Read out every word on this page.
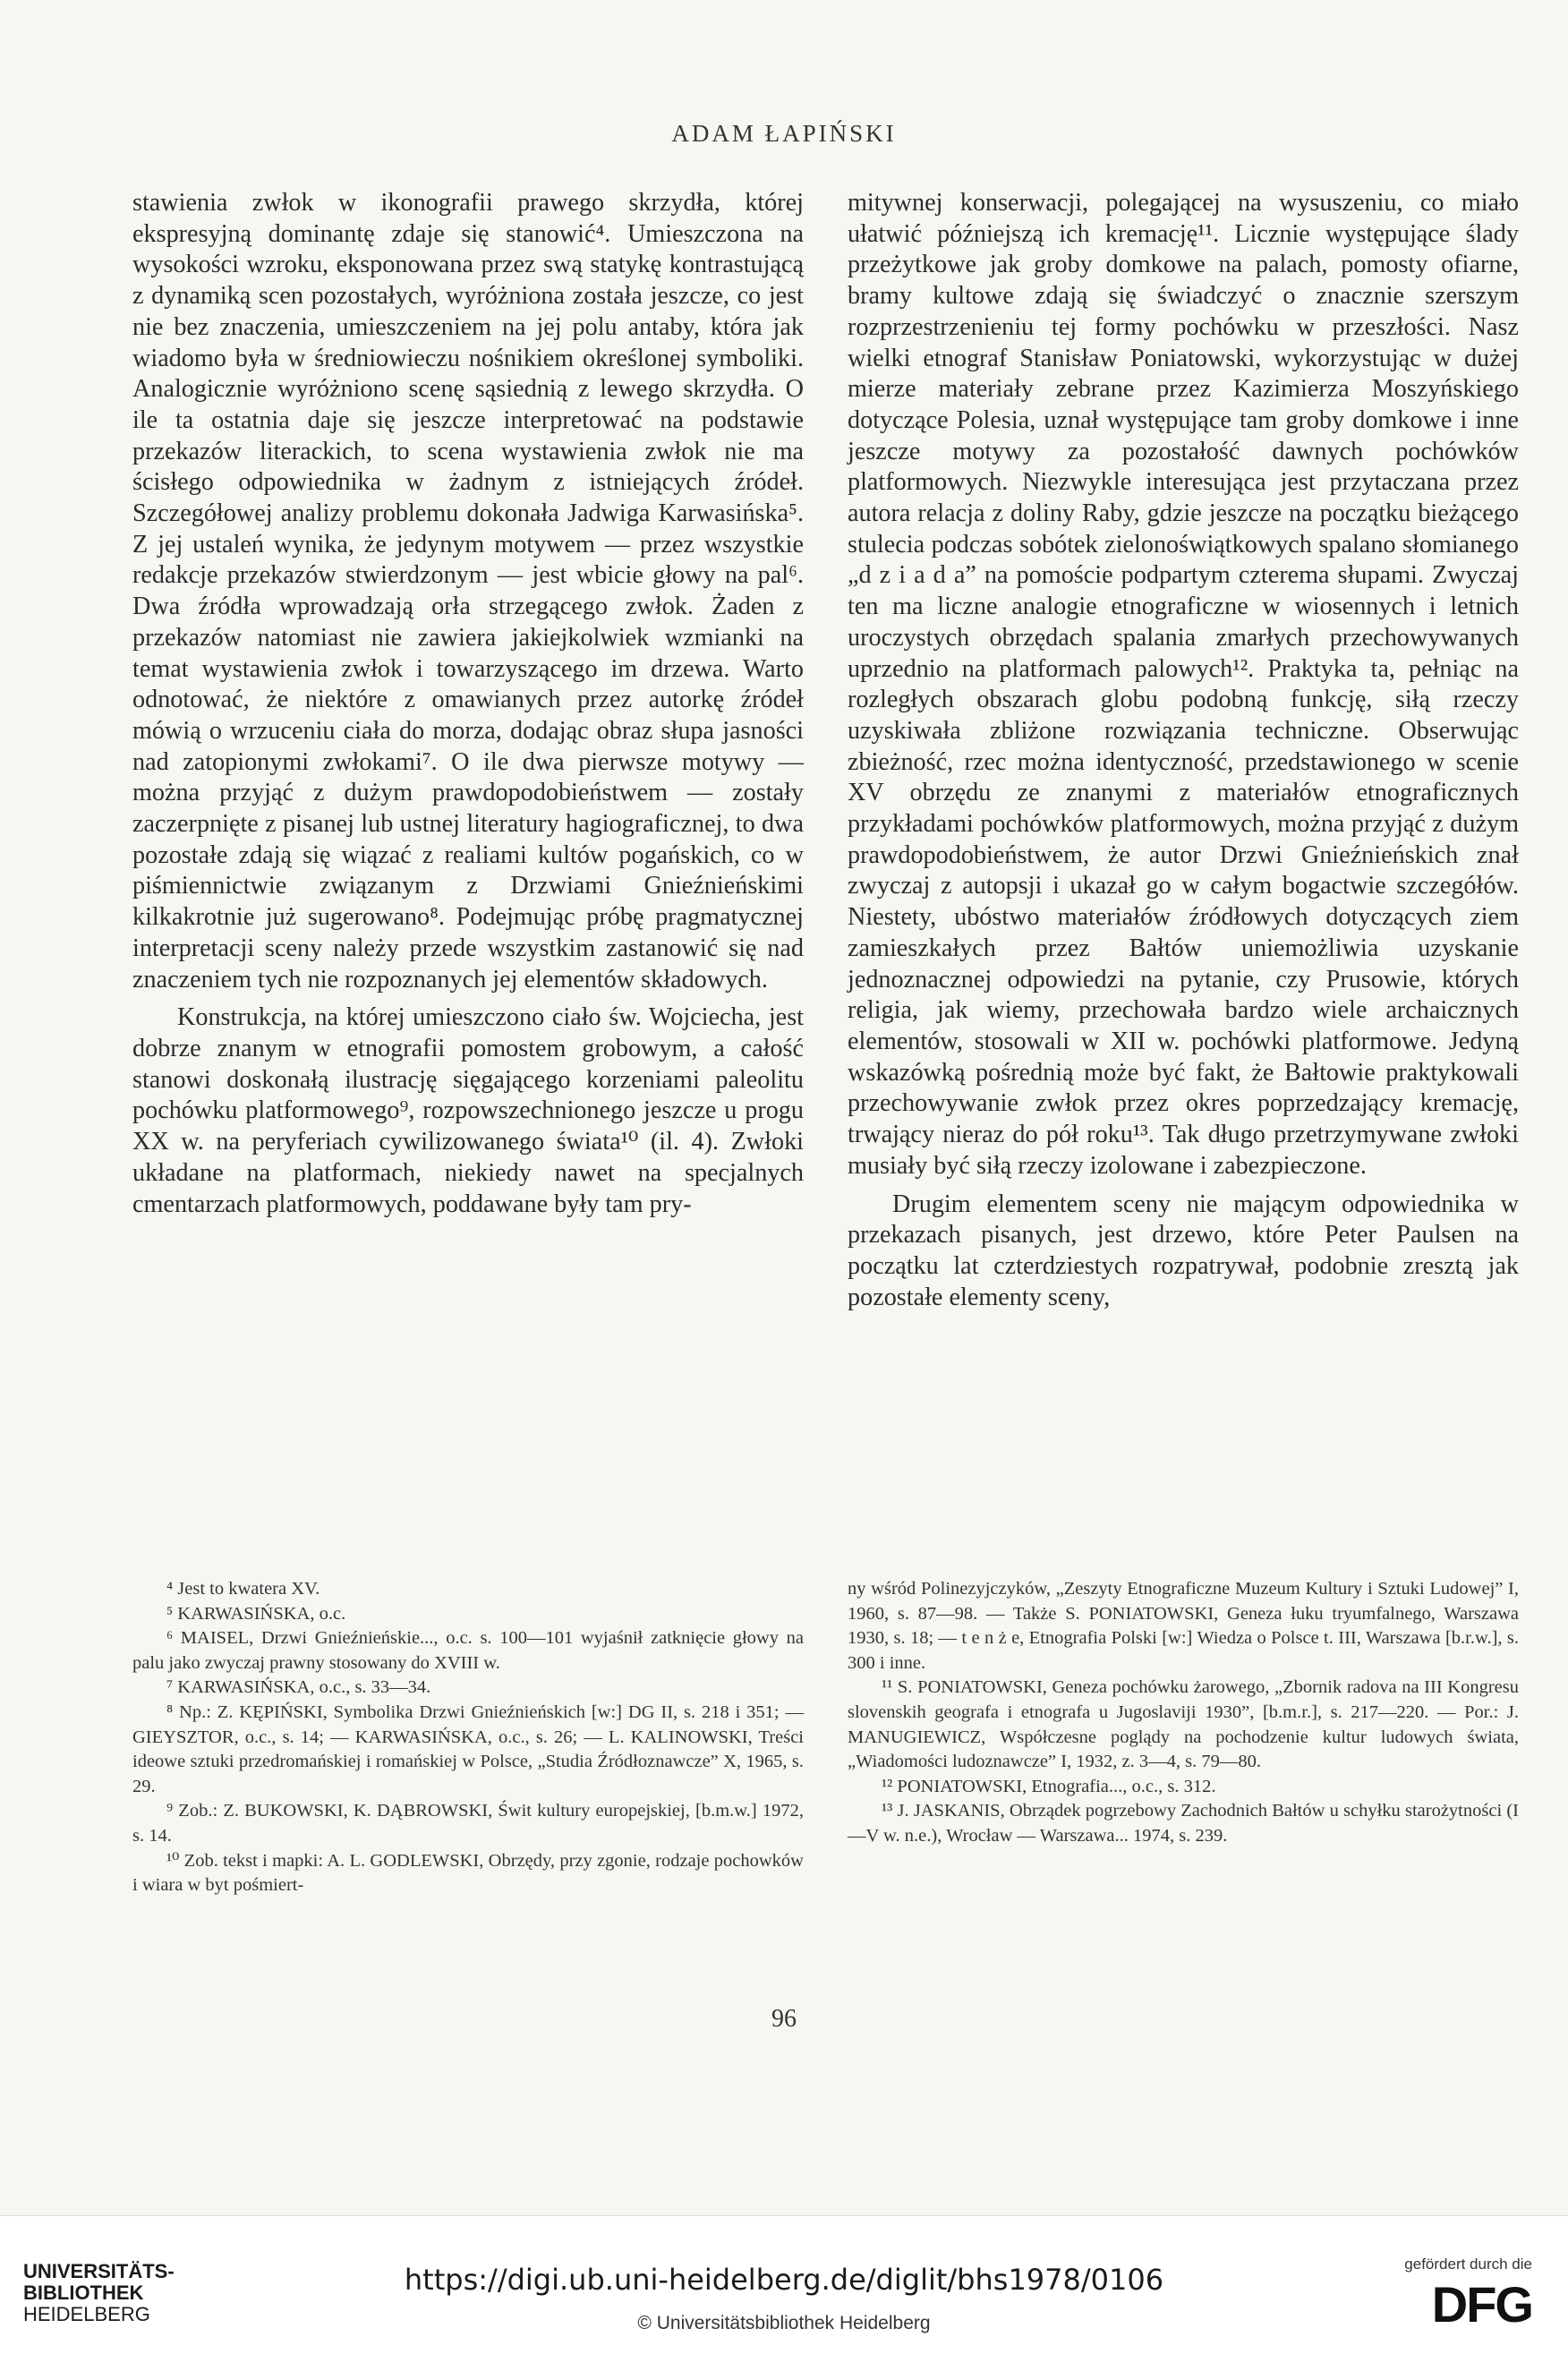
ADAM ŁAPIŃSKI

stawienia zwłok w ikonografii prawego skrzydła, której ekspresyjną dominantę zdaje się stanowić⁴. Umieszczona na wysokości wzroku, eksponowana przez swą statykę kontrastującą z dynamiką scen pozostałych, wyróżniona została jeszcze, co jest nie bez znaczenia, umieszczeniem na jej polu antaby, która jak wiadomo była w średniowieczu nośnikiem określonej symboliki. Analogicznie wyróżniono scenę sąsiednią z lewego skrzydła. O ile ta ostatnia daje się jeszcze interpretować na podstawie przekazów literackich, to scena wystawienia zwłok nie ma ścisłego odpowiednika w żadnym z istniejących źródeł. Szczegółowej analizy problemu dokonała Jadwiga Karwasińska⁵. Z jej ustaleń wynika, że jedynym motywem — przez wszystkie redakcje przekazów stwierdzonym — jest wbicie głowy na pal⁶. Dwa źródła wprowadzają orła strzegącego zwłok. Żaden z przekazów natomiast nie zawiera jakiejkolwiek wzmianki na temat wystawienia zwłok i towarzyszącego im drzewa. Warto odnotować, że niektóre z omawianych przez autorkę źródeł mówią o wrzuceniu ciała do morza, dodając obraz słupa jasności nad zatopionymi zwłokami⁷. O ile dwa pierwsze motywy — można przyjąć z dużym prawdopodobieństwem — zostały zaczerpnięte z pisanej lub ustnej literatury hagiograficznej, to dwa pozostałe zdają się wiązać z realiami kultów pogańskich, co w piśmiennictwie związanym z Drzwiami Gnieźnieńskimi kilkakrotnie już sugerowano⁸. Podejmując próbę pragmatycznej interpretacji sceny należy przede wszystkim zastanowić się nad znaczeniem tych nie rozpoznanych jej elementów składowych.

Konstrukcja, na której umieszczono ciało św. Wojciecha, jest dobrze znanym w etnografii pomostem grobowym, a całość stanowi doskonałą ilustrację sięgającego korzeniami paleolitu pochówku platformowego⁹, rozpowszechnionego jeszcze u progu XX w. na peryferiach cywilizowanego świata¹⁰ (il. 4). Zwłoki układane na platformach, niekiedy nawet na specjalnych cmentarzach platformowych, poddawane były tam pry-

mitywnej konserwacji, polegającej na wysuszeniu, co miało ułatwić późniejszą ich kremację¹¹. Licznie występujące ślady przeżytkowe jak groby domkowe na palach, pomosty ofiarne, bramy kultowe zdają się świadczyć o znacznie szerszym rozprzestrzenieniu tej formy pochówku w przeszłości. Nasz wielki etnograf Stanisław Poniatowski, wykorzystując w dużej mierze materiały zebrane przez Kazimierza Moszyńskiego dotyczące Polesia, uznał występujące tam groby domkowe i inne jeszcze motywy za pozostałość dawnych pochówków platformowych. Niezwykle interesująca jest przytaczana przez autora relacja z doliny Raby, gdzie jeszcze na początku bieżącego stulecia podczas sobótek zielonoświątkowych spalano słomianego „d z i a d a” na pomoście podpartym czterema słupami. Zwyczaj ten ma liczne analogie etnograficzne w wiosennych i letnich uroczystych obrzędach spalania zmarłych przechowywanych uprzednio na platformach palowych¹². Praktyka ta, pełniąc na rozległych obszarach globu podobną funkcję, siłą rzeczy uzyskiwała zbliżone rozwiązania techniczne. Obserwując zbieżność, rzec można identyczność, przedstawionego w scenie XV obrzędu ze znanymi z materiałów etnograficznych przykładami pochówków platformowych, można przyjąć z dużym prawdopodobieństwem, że autor Drzwi Gnieźnieńskich znał zwyczaj z autopsji i ukazał go w całym bogactwie szczegółów. Niestety, ubóstwo materiałów źródłowych dotyczących ziem zamieszkałych przez Bałtów uniemożliwia uzyskanie jednoznacznej odpowiedzi na pytanie, czy Prusowie, których religia, jak wiemy, przechowała bardzo wiele archaicznych elementów, stosowali w XII w. pochówki platformowe. Jedyną wskazówką pośrednią może być fakt, że Bałtowie praktykowali przechowywanie zwłok przez okres poprzedzający kremację, trwający nieraz do pół roku¹³. Tak długo przetrzymywane zwłoki musiały być siłą rzeczy izolowane i zabezpieczone.

Drugim elementem sceny nie mającym odpowiednika w przekazach pisanych, jest drzewo, które Peter Paulsen na początku lat czterdziestych rozpatrywał, podobnie zresztą jak pozostałe elementy sceny,

⁴ Jest to kwatera XV.

⁵ KARWASIŃSKA, o.c.

⁶ MAISEL, Drzwi Gnieźnieńskie..., o.c. s. 100—101 wyjaśnił zatknięcie głowy na palu jako zwyczaj prawny stosowany do XVIII w.

⁷ KARWASIŃSKA, o.c., s. 33—34.

⁸ Np.: Z. KĘPIŃSKI, Symbolika Drzwi Gnieźnieńskich [w:] DG II, s. 218 i 351; — GIEYSZTOR, o.c., s. 14; — KARWASIŃSKA, o.c., s. 26; — L. KALINOWSKI, Treści ideowe sztuki przedromańskiej i romańskiej w Polsce, „Studia Źródłoznawcze” X, 1965, s. 29.

⁹ Zob.: Z. BUKOWSKI, K. DĄBROWSKI, Świt kultury europejskiej, [b.m.w.] 1972, s. 14.

¹⁰ Zob. tekst i mapki: A. L. GODLEWSKI, Obrzędy, przy zgonie, rodzaje pochowków i wiara w byt pośmiert-

ny wśród Polinezyjczyków, „Zeszyty Etnograficzne Muzeum Kultury i Sztuki Ludowej” I, 1960, s. 87—98. — Także S. PONIATOWSKI, Geneza łuku tryumfalnego, Warszawa 1930, s. 18; — t e n ż e, Etnografia Polski [w:] Wiedza o Polsce t. III, Warszawa [b.r.w.], s. 300 i inne.

¹¹ S. PONIATOWSKI, Geneza pochówku żarowego, „Zbornik radova na III Kongresu slovenskih geografa i etnografa u Jugoslaviji 1930”, [b.m.r.], s. 217—220. — Por.: J. MANUGIEWICZ, Współczesne poglądy na pochodzenie kultur ludowych świata, „Wiadomości ludoznawcze” I, 1932, z. 3—4, s. 79—80.

¹² PONIATOWSKI, Etnografia..., o.c., s. 312.

¹³ J. JASKANIS, Obrządek pogrzebowy Zachodnich Bałtów u schyłku starożytności (I—V w. n.e.), Wrocław — Warszawa... 1974, s. 239.

96
UNIVERSITÄTS-
BIBLIOTHEK
HEIDELBERG
https://digi.ub.uni-heidelberg.de/diglit/bhs1978/0106
© Universitätsbibliothek Heidelberg
gefördert durch die
DFG
